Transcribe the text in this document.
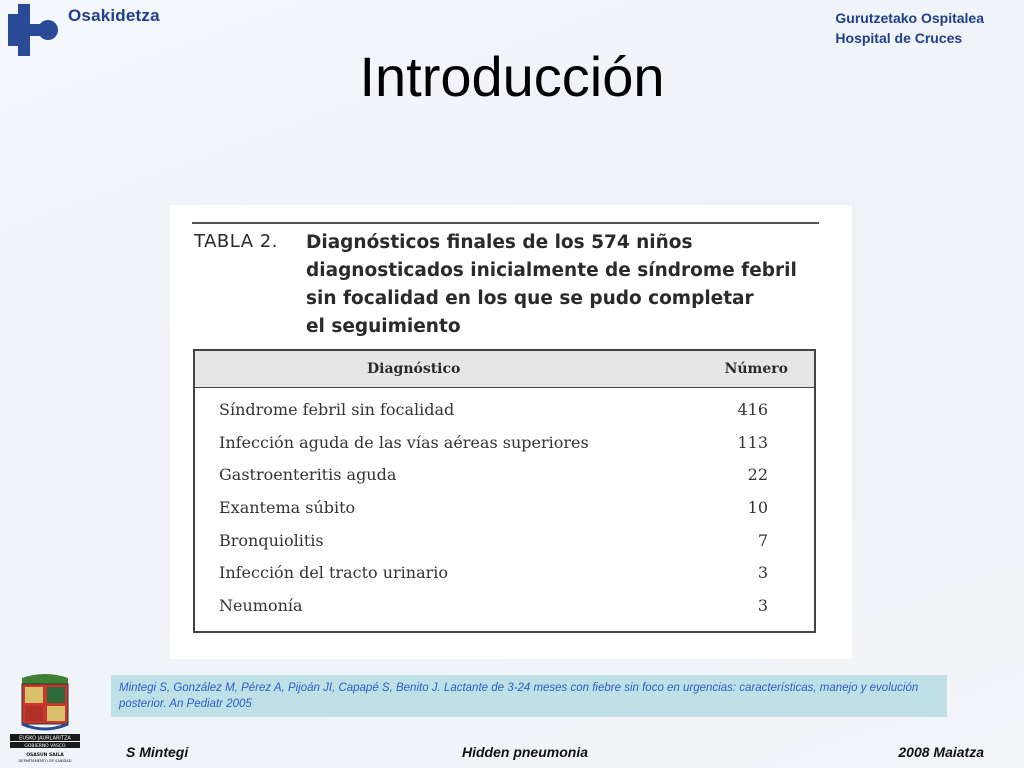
Osakidetza	Gurutzetako Ospitalea
Hospital de Cruces
Introducción
TABLA 2. Diagnósticos finales de los 574 niños
diagnosticados inicialmente de síndrome febril
sin focalidad en los que se pudo completar
el seguimiento
Diagnóstico	Número
Síndrome febril sin focalidad	416
Infección aguda de las vías aéreas superiores	113
Gastroenteritis aguda	22
Exantema súbito	10
Bronquiolitis	7
Infección del tracto urinario	3
Neumonía	3
EUSKO JAURLARITZA
GOBIERNO VASCO
OSASUN SAILA
DEPARTAMENTO DE SANIDAD
Mintegi S, González M, Pérez A, Pijoán JI, Capapé S, Benito J. Lactante de 3-24 meses con fiebre sin foco en urgencias: características, manejo y evolución posterior. An Pediatr 2005
S Mintegi	Hidden pneumonia	2008 Maiatza
